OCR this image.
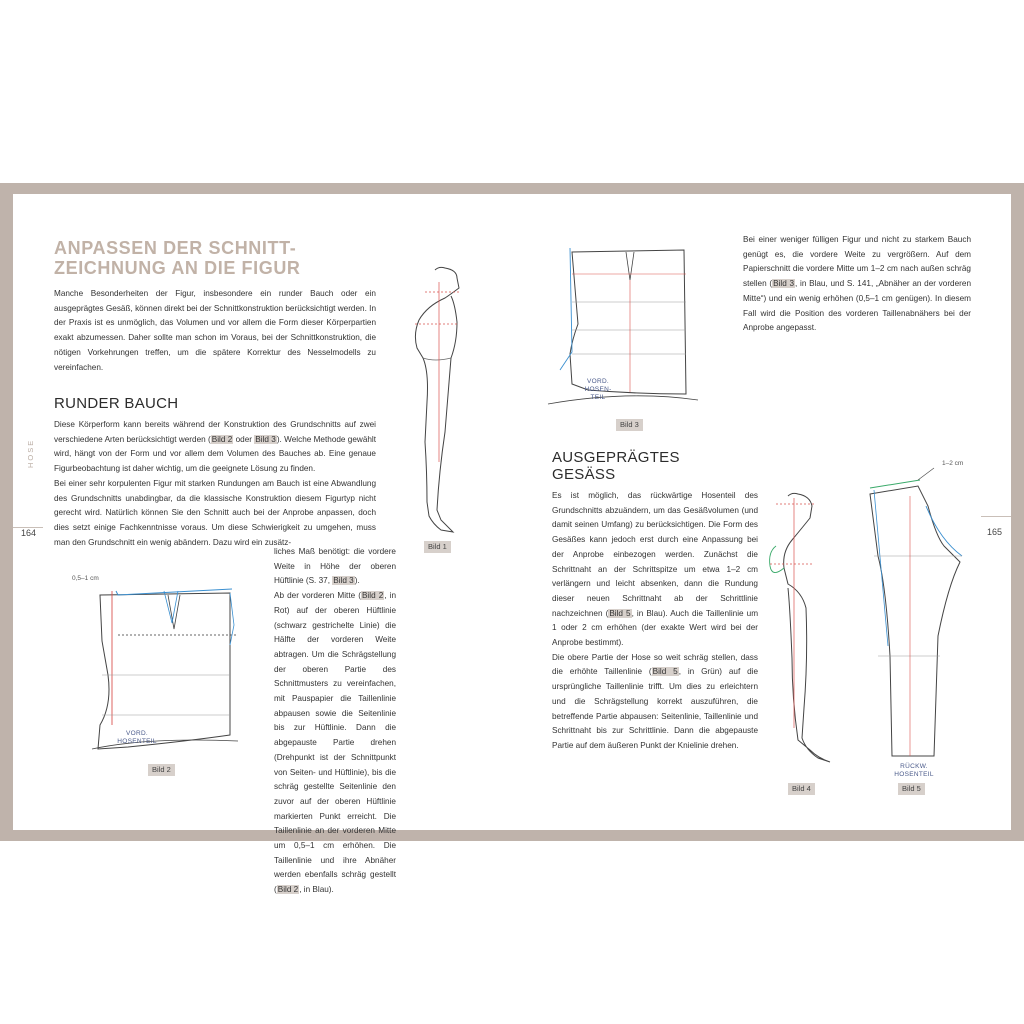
ANPASSEN DER SCHNITT-
ZEICHNUNG AN DIE FIGUR

Manche Besonderheiten der Figur, insbesondere ein runder Bauch oder ein ausgeprägtes Gesäß, können direkt bei der Schnittkonstruktion berücksichtigt werden. In der Praxis ist es unmöglich, das Volumen und vor allem die Form dieser Körperpartien exakt abzumessen. Daher sollte man schon im Voraus, bei der Schnittkonstruktion, die nötigen Vorkehrungen treffen, um die spätere Korrektur des Nesselmodells zu vereinfachen.

RUNDER BAUCH

Diese Körperform kann bereits während der Konstruktion des Grundschnitts auf zwei verschiedene Arten berücksichtigt werden (Bild 2 oder Bild 3). Welche Methode gewählt wird, hängt von der Form und vor allem dem Volumen des Bauches ab. Eine genaue Figurbeobachtung ist daher wichtig, um die geeignete Lösung zu finden.

Bei einer sehr korpulenten Figur mit starken Rundungen am Bauch ist eine Abwandlung des Grundschnitts unabdingbar, da die klassische Konstruktion diesem Figurtyp nicht gerecht wird. Natürlich können Sie den Schnitt auch bei der Anprobe anpassen, doch dies setzt einige Fachkenntnisse voraus. Um diese Schwierigkeit zu umgehen, muss man den Grundschnitt ein wenig abändern. Dazu wird ein zusätz-

liches Maß benötigt: die vordere Weite in Höhe der oberen Hüftlinie (S. 37, Bild 3).

Ab der vorderen Mitte (Bild 2, in Rot) auf der oberen Hüftlinie (schwarz gestrichelte Linie) die Hälfte der vorderen Weite abtragen. Um die Schrägstellung der oberen Partie des Schnittmusters zu vereinfachen, mit Pauspapier die Taillenlinie abpausen sowie die Seitenlinie bis zur Hüftlinie. Dann die abgepauste Partie drehen (Drehpunkt ist der Schnittpunkt von Seiten- und Hüftlinie), bis die schräg gestellte Seitenlinie den zuvor auf der oberen Hüftlinie markierten Punkt erreicht. Die Taillenlinie an der vorderen Mitte um 0,5–1 cm erhöhen. Die Taillenlinie und ihre Abnäher werden ebenfalls schräg gestellt (Bild 2, in Blau).

Bild 1
0,5–1 cm
VORD. HOSENTEIL
Bild 2
HOSE
164
VORD.
HOSEN-
TEIL
Bild 3

Bei einer weniger fülligen Figur und nicht zu starkem Bauch genügt es, die vordere Weite zu vergrößern. Auf dem Papierschnitt die vordere Mitte um 1–2 cm nach außen schräg stellen (Bild 3, in Blau, und S. 141, „Abnäher an der vorderen Mitte“) und ein wenig erhöhen (0,5–1 cm genügen). In diesem Fall wird die Position des vorderen Taillenabnähers bei der Anprobe angepasst.

AUSGEPRÄGTES
GESÄSS

Es ist möglich, das rückwärtige Hosenteil des Grundschnitts abzuändern, um das Gesäßvolumen (und damit seinen Umfang) zu berücksichtigen. Die Form des Gesäßes kann jedoch erst durch eine Anpassung bei der Anprobe einbezogen werden. Zunächst die Schrittnaht an der Schrittspitze um etwa 1–2 cm verlängern und leicht absenken, dann die Rundung dieser neuen Schrittnaht ab der Schrittlinie nachzeichnen (Bild 5, in Blau). Auch die Taillenlinie um 1 oder 2 cm erhöhen (der exakte Wert wird bei der Anprobe bestimmt).

Die obere Partie der Hose so weit schräg stellen, dass die erhöhte Taillenlinie (Bild 5, in Grün) auf die ursprüngliche Taillenlinie trifft. Um dies zu erleichtern und die Schrägstellung korrekt auszuführen, die betreffende Partie abpausen: Seitenlinie, Taillenlinie und Schrittnaht bis zur Schrittlinie. Dann die abgepauste Partie auf dem äußeren Punkt der Knielinie drehen.

Bild 4
1–2 cm
RÜCKW.
HOSENTEIL
Bild 5
165
